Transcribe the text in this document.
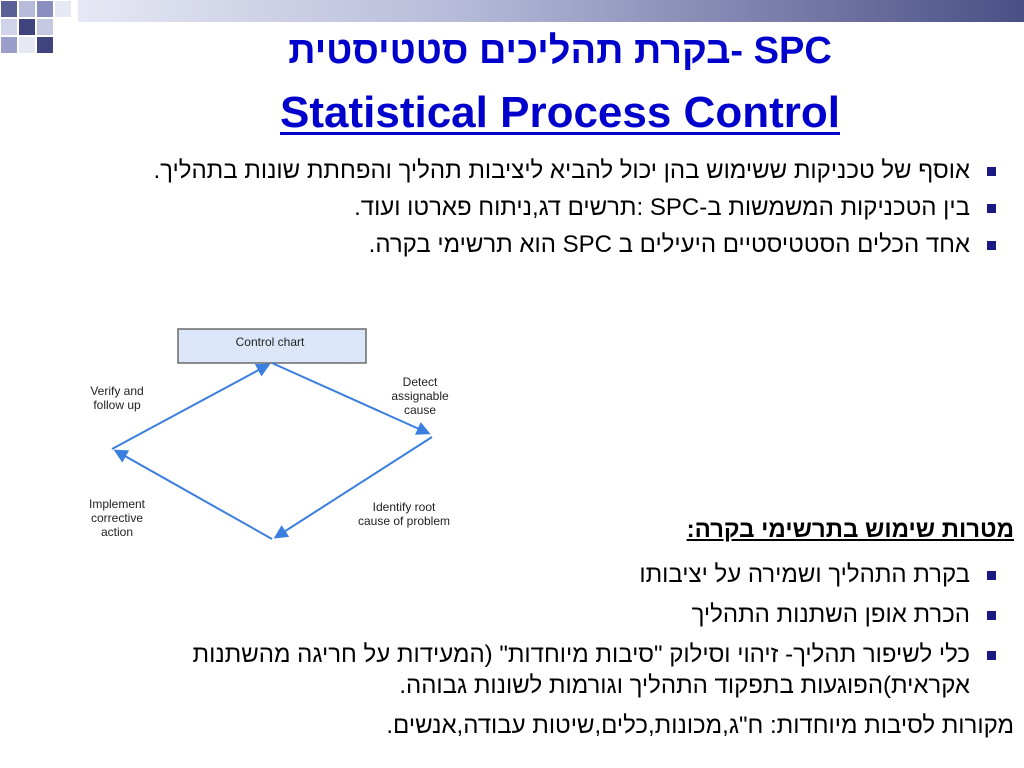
SPC -בקרת תהליכים סטטיסטית
Statistical Process Control
אוסף של טכניקות ששימוש בהן יכול להביא ליציבות תהליך והפחתת שונות בתהליך.
בין הטכניקות המשמשות ב-SPC :תרשים דג,ניתוח פארטו ועוד.
אחד הכלים הסטטיסטיים היעילים ב SPC הוא תרשימי בקרה.
Control chart
Detect
assignable
cause
Identify root
cause of problem
Implement
corrective
action
Verify and
follow up
מטרות שימוש בתרשימי בקרה:
בקרת התהליך ושמירה על יציבותו
הכרת אופן השתנות התהליך
כלי לשיפור תהליך- זיהוי וסילוק "סיבות מיוחדות" (המעידות על חריגה מהשתנות אקראית)הפוגעות בתפקוד התהליך וגורמות לשונות גבוהה.
מקורות לסיבות מיוחדות: ח"ג,מכונות,כלים,שיטות עבודה,אנשים.
